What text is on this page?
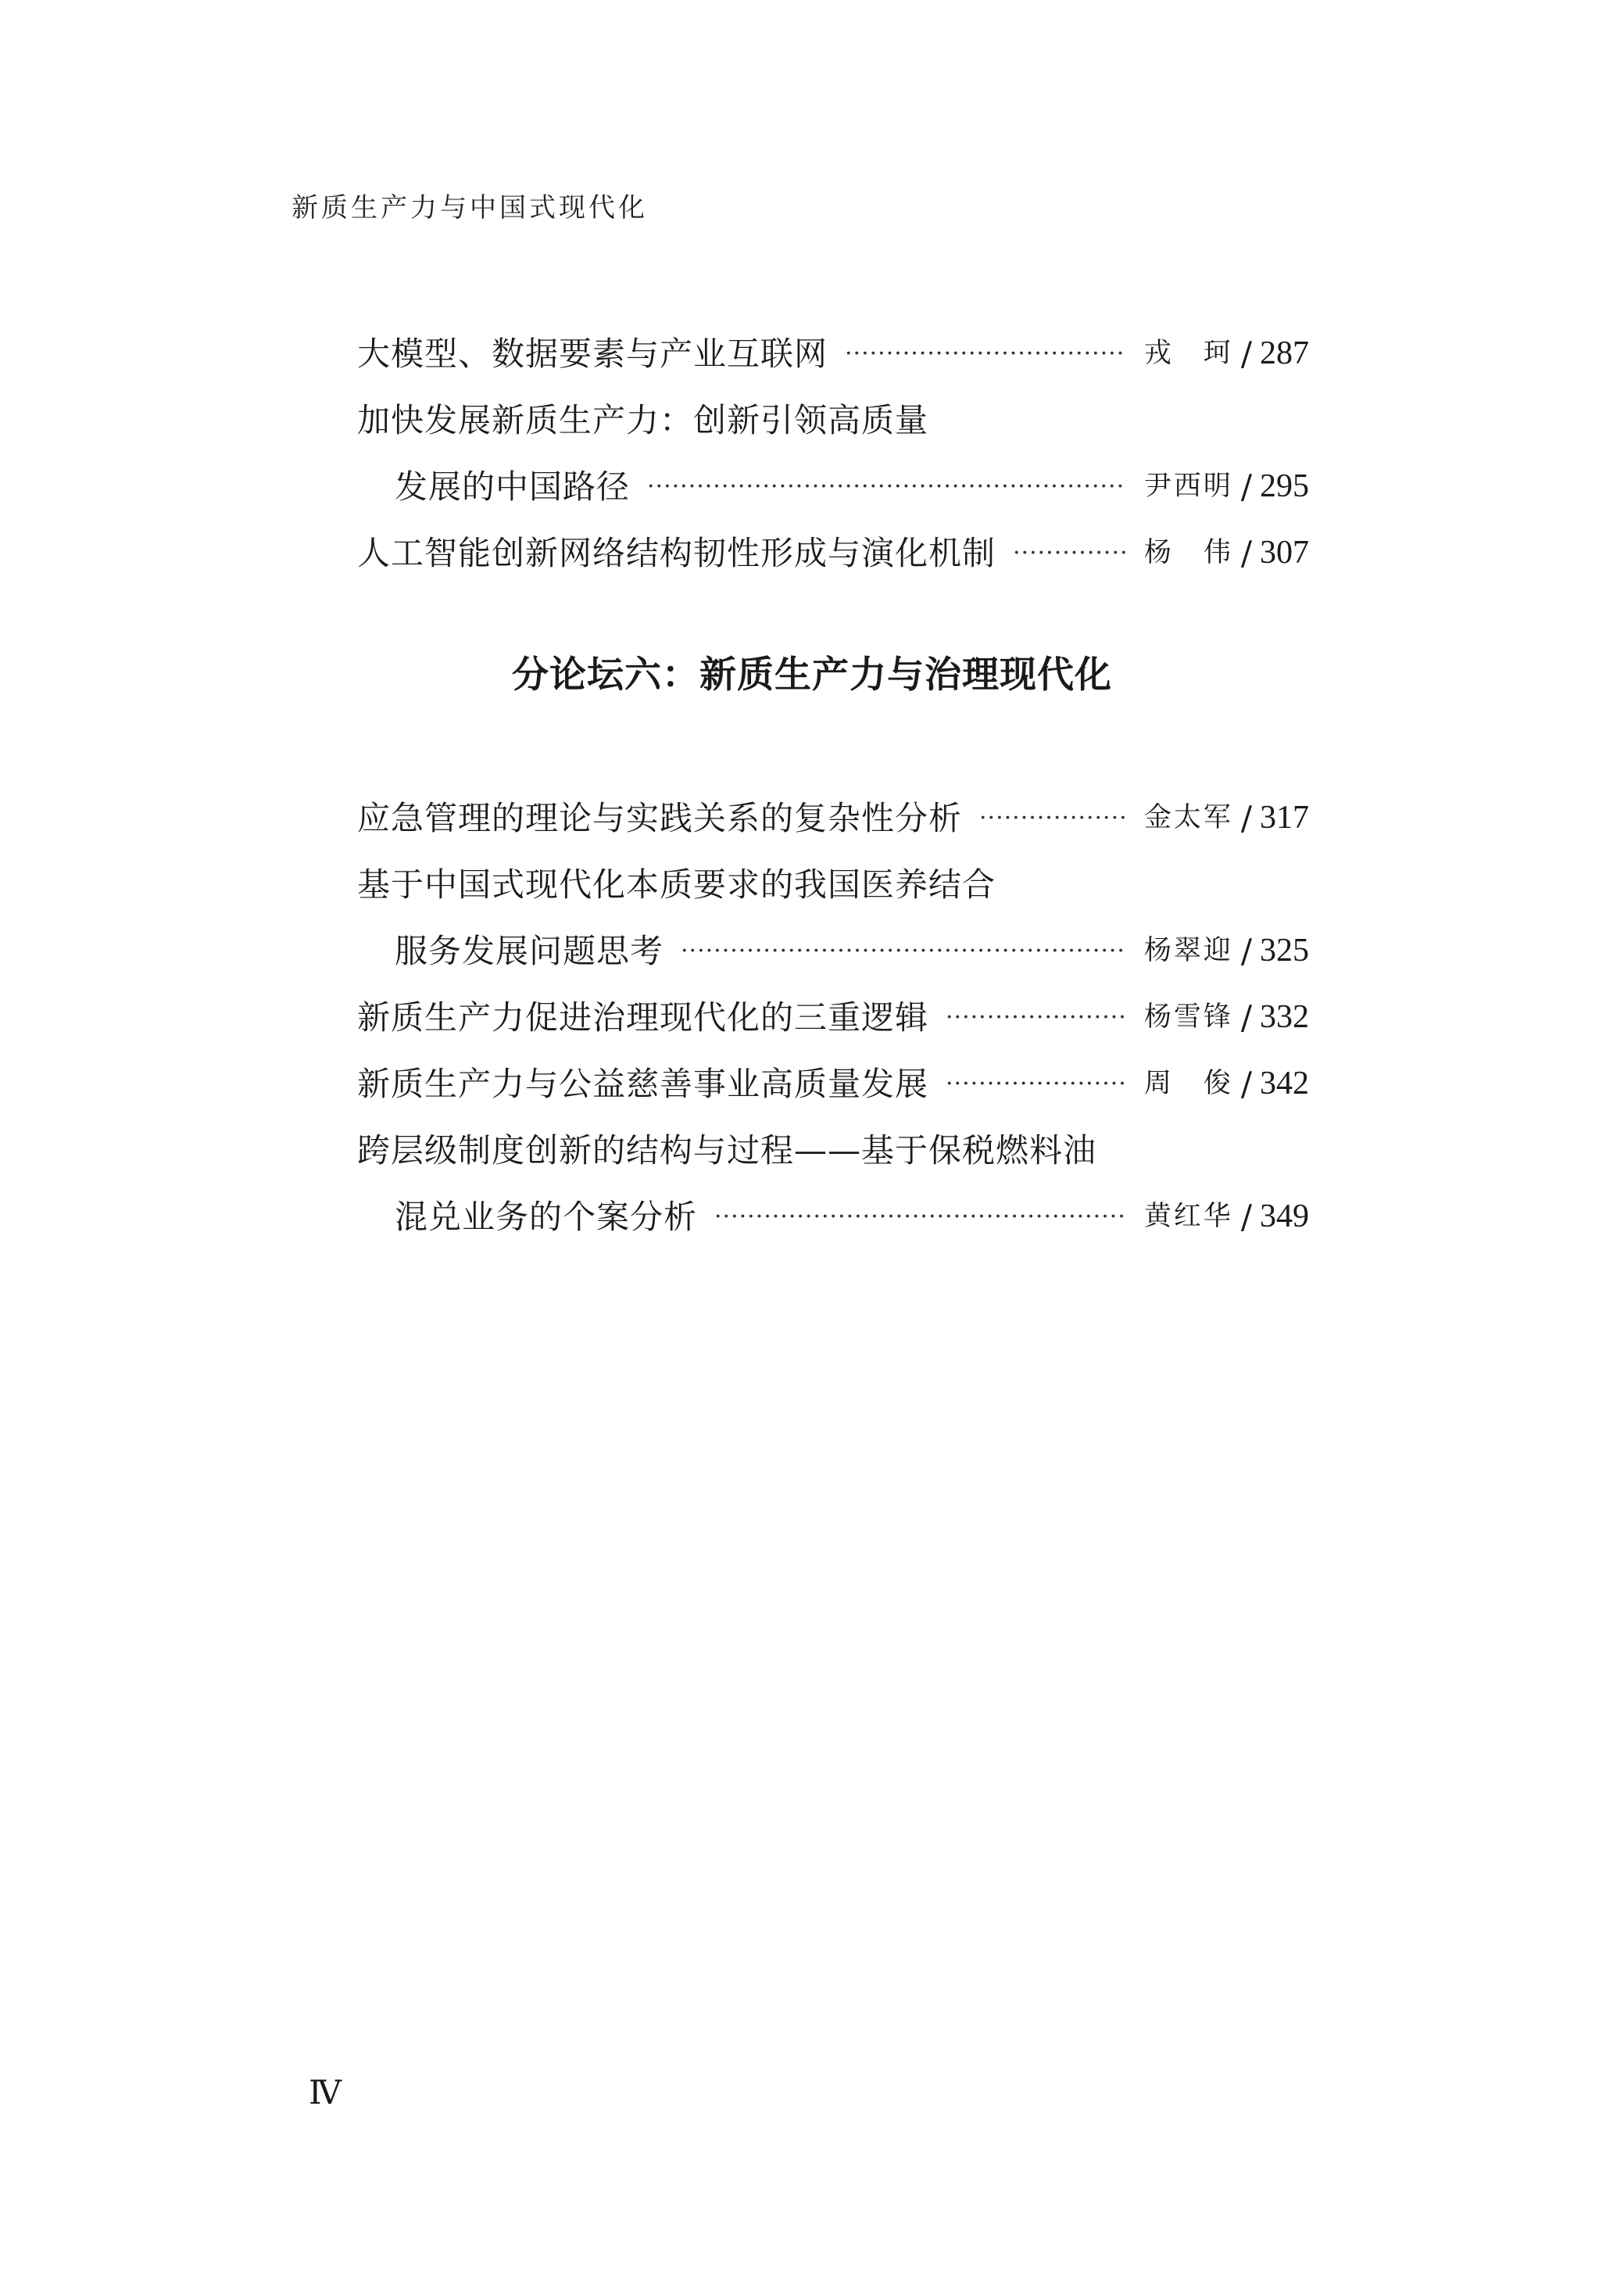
新质生产力与中国式现代化
大模型、数据要素与产业互联网 ·····	戎　珂 / 287
加快发展新质生产力：创新引领高质量
发展的中国路径 ·····	尹西明 / 295
人工智能创新网络结构韧性形成与演化机制 ·····	杨　伟 / 307
分论坛六：新质生产力与治理现代化
应急管理的理论与实践关系的复杂性分析 ·····	金太军 / 317
基于中国式现代化本质要求的我国医养结合
服务发展问题思考 ·····	杨翠迎 / 325
新质生产力促进治理现代化的三重逻辑 ·····	杨雪锋 / 332
新质生产力与公益慈善事业高质量发展 ·····	周　俊 / 342
跨层级制度创新的结构与过程——基于保税燃料油
混兑业务的个案分析 ·····	黄红华 / 349
Ⅳ
